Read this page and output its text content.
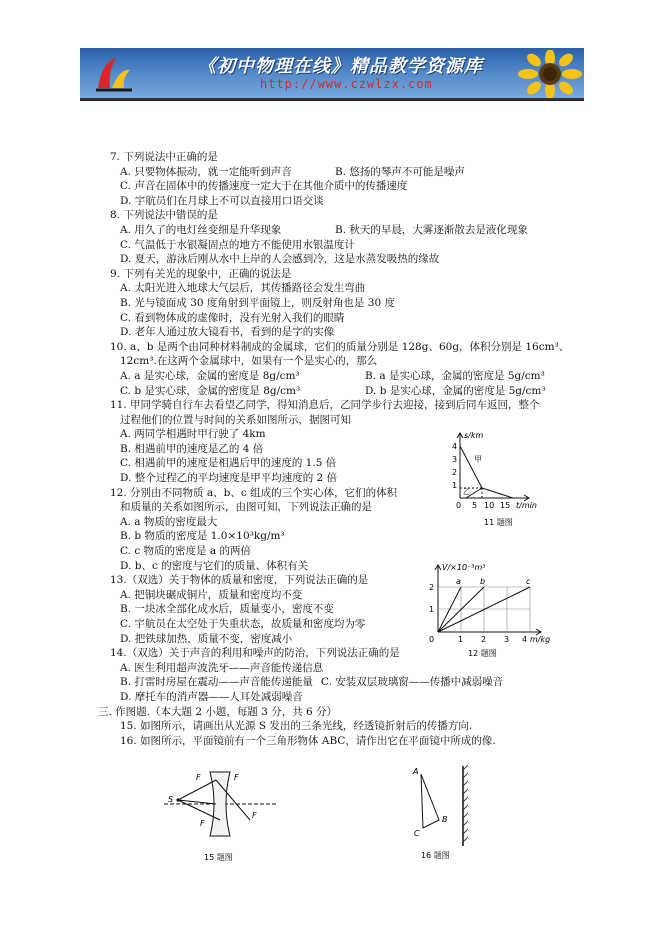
《初中物理在线》精品教学资源库
http://www.czwlzx.com
7. 下列说法中正确的是
A. 只要物体振动，就一定能听到声音	B. 悠扬的琴声不可能是噪声
C. 声音在固体中的传播速度一定大于在其他介质中的传播速度
D. 宇航员们在月球上不可以直接用口语交谈
8. 下列说法中错误的是
A. 用久了的电灯丝变细是升华现象	B. 秋天的早晨，大雾逐渐散去是液化现象
C. 气温低于水银凝固点的地方不能使用水银温度计
D. 夏天，游泳后刚从水中上岸的人会感到冷，这是水蒸发吸热的缘故
9. 下列有关光的现象中，正确的说法是
A. 太阳光进入地球大气层后，其传播路径会发生弯曲
B. 光与镜面成 30 度角射到平面镜上，则反射角也是 30 度
C. 看到物体成的虚像时，没有光射入我们的眼睛
D. 老年人通过放大镜看书，看到的是字的实像
10. a、b 是两个由同种材料制成的金属球，它们的质量分别是 128g、60g，体积分别是 16cm³、
12cm³.在这两个金属球中，如果有一个是实心的，那么
A. a 是实心球，金属的密度是 8g/cm³	B. a 是实心球，金属的密度是 5g/cm³
C. b 是实心球，金属的密度是 8g/cm³	D. b 是实心球，金属的密度是 5g/cm³
11. 甲同学骑自行车去看望乙同学，得知消息后，乙同学步行去迎接，接到后同车返回，整个
过程他们的位置与时间的关系如图所示，据图可知
A. 两同学相遇时甲行驶了 4km
B. 相遇前甲的速度是乙的 4 倍
C. 相遇前甲的速度是相遇后甲的速度的 1.5 倍
D. 整个过程乙的平均速度是甲平均速度的 2 倍
12. 分别由不同物质 a、b、c 组成的三个实心体，它们的体积
和质量的关系如图所示，由图可知，下列说法正确的是
A. a 物质的密度最大
B. b 物质的密度是 1.0×10³kg/m³
C. c 物质的密度是 a 的两倍
D. b、c 的密度与它们的质量、体积有关
13.（双选）关于物体的质量和密度，下列说法正确的是
A. 把铜块碾成铜片，质量和密度均不变
B. 一块冰全部化成水后，质量变小，密度不变
C. 宇航员在太空处于失重状态，故质量和密度均为零
D. 把铁球加热，质量不变，密度减小
14.（双选）关于声音的利用和噪声的防治，下列说法正确的是
A. 医生利用超声波洗牙——声音能传递信息
B. 打雷时房屋在震动——声音能传递能量 C. 安装双层玻璃窗——传播中减弱噪音
D. 摩托车的消声器——人耳处减弱噪音
三. 作图题.（本大题 2 小题，每题 3 分，共 6 分）
15. 如图所示，请画出从光源 S 发出的三条光线，经透镜折射后的传播方向.
16. 如图所示，平面镜前有一个三角形物体 ABC，请作出它在平面镜中所成的像.
s/km
4
3
2
1
0 5 10 15 t/min
甲
乙
11 题图
V/×10⁻³m³
2
1
0	1 2 3 4 m/kg
a b	c
12 题图
F	F
S
F
F
15 题图
A
B
C
16 题图
